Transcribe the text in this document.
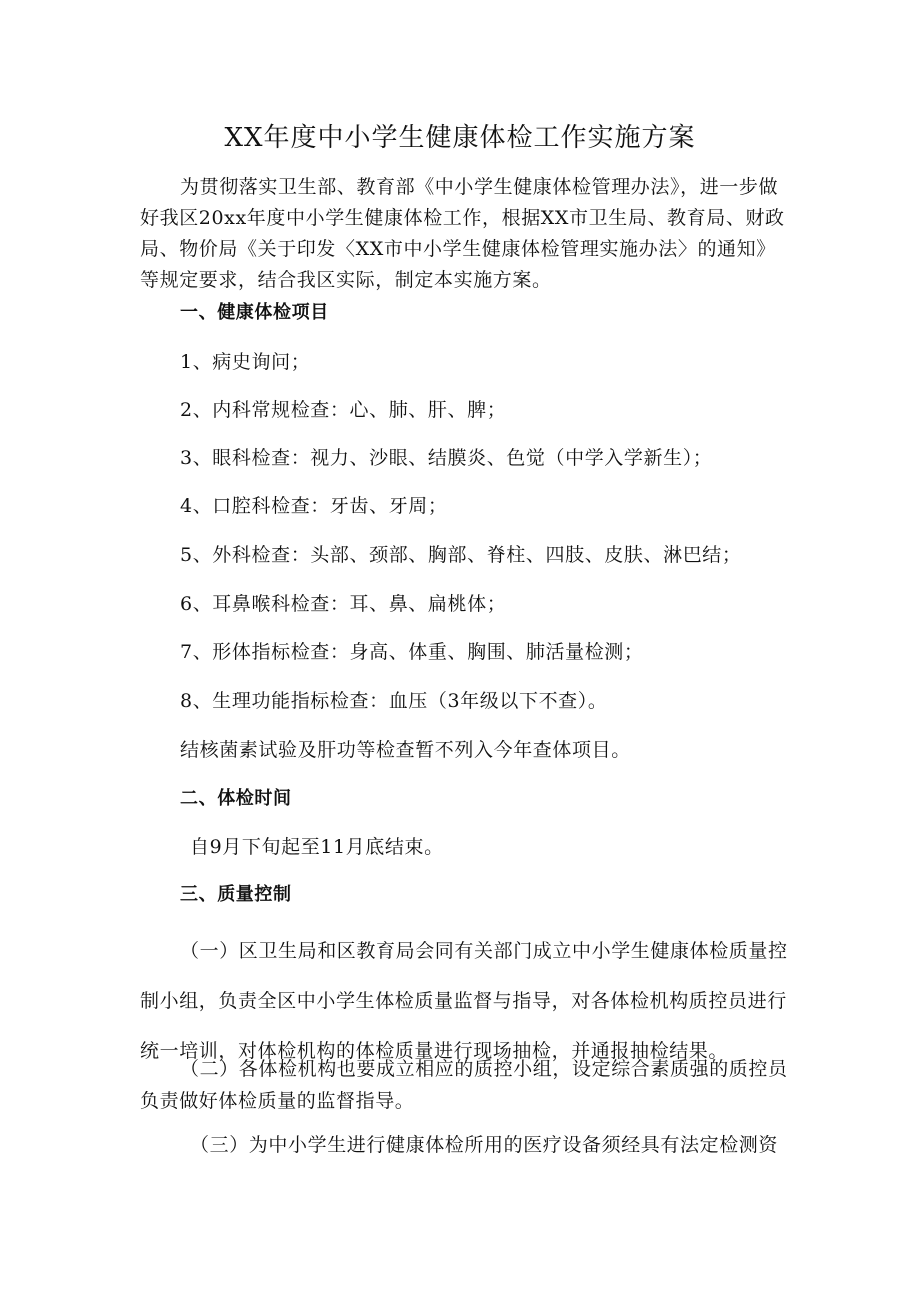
XX年度中小学生健康体检工作实施方案
为贯彻落实卫生部、教育部《中小学生健康体检管理办法》，进一步做好我区20xx年度中小学生健康体检工作，根据XX市卫生局、教育局、财政局、物价局《关于印发〈XX市中小学生健康体检管理实施办法〉的通知》等规定要求，结合我区实际，制定本实施方案。
一、健康体检项目
1、病史询问；
2、内科常规检查：心、肺、肝、脾；
3、眼科检查：视力、沙眼、结膜炎、色觉（中学入学新生）；
4、口腔科检查：牙齿、牙周；
5、外科检查：头部、颈部、胸部、脊柱、四肢、皮肤、淋巴结；
6、耳鼻喉科检查：耳、鼻、扁桃体；
7、形体指标检查：身高、体重、胸围、肺活量检测；
8、生理功能指标检查：血压（3年级以下不查）。
结核菌素试验及肝功等检查暂不列入今年查体项目。
二、体检时间
自9月下旬起至11月底结束。
三、质量控制
（一）区卫生局和区教育局会同有关部门成立中小学生健康体检质量控制小组，负责全区中小学生体检质量监督与指导，对各体检机构质控员进行统一培训，对体检机构的体检质量进行现场抽检，并通报抽检结果。
（二）各体检机构也要成立相应的质控小组，设定综合素质强的质控员负责做好体检质量的监督指导。
（三）为中小学生进行健康体检所用的医疗设备须经具有法定检测资
